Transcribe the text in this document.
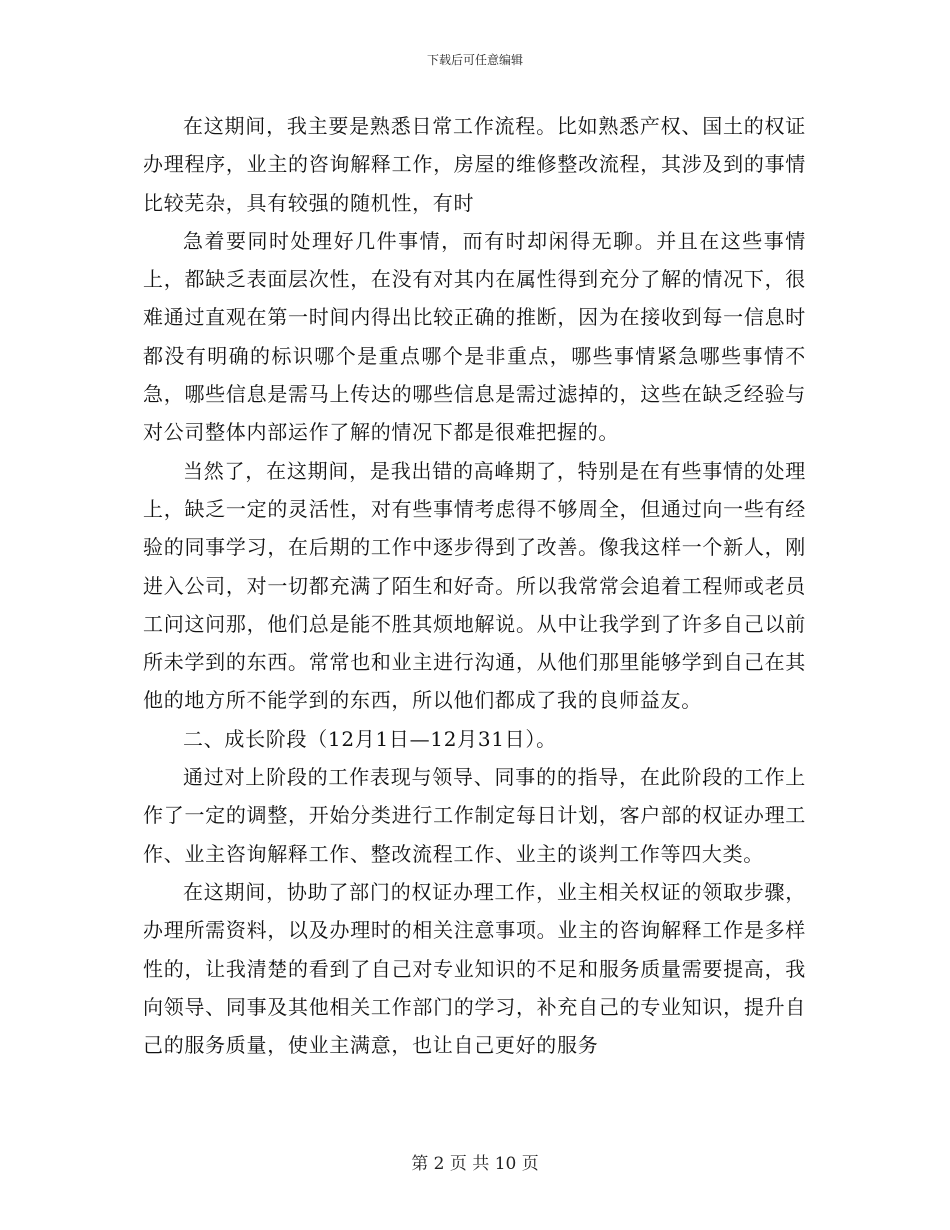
下载后可任意编辑

在这期间，我主要是熟悉日常工作流程。比如熟悉产权、国土的权证办理程序，业主的咨询解释工作，房屋的维修整改流程，其涉及到的事情比较芜杂，具有较强的随机性，有时

急着要同时处理好几件事情，而有时却闲得无聊。并且在这些事情上，都缺乏表面层次性，在没有对其内在属性得到充分了解的情况下，很难通过直观在第一时间内得出比较正确的推断，因为在接收到每一信息时都没有明确的标识哪个是重点哪个是非重点，哪些事情紧急哪些事情不急，哪些信息是需马上传达的哪些信息是需过滤掉的，这些在缺乏经验与对公司整体内部运作了解的情况下都是很难把握的。

当然了，在这期间，是我出错的高峰期了，特别是在有些事情的处理上，缺乏一定的灵活性，对有些事情考虑得不够周全，但通过向一些有经验的同事学习，在后期的工作中逐步得到了改善。像我这样一个新人，刚进入公司，对一切都充满了陌生和好奇。所以我常常会追着工程师或老员工问这问那，他们总是能不胜其烦地解说。从中让我学到了许多自己以前所未学到的东西。常常也和业主进行沟通，从他们那里能够学到自己在其他的地方所不能学到的东西，所以他们都成了我的良师益友。

二、成长阶段（12月1日—12月31日）。

通过对上阶段的工作表现与领导、同事的的指导，在此阶段的工作上作了一定的调整，开始分类进行工作制定每日计划，客户部的权证办理工作、业主咨询解释工作、整改流程工作、业主的谈判工作等四大类。

在这期间，协助了部门的权证办理工作，业主相关权证的领取步骤，办理所需资料，以及办理时的相关注意事项。业主的咨询解释工作是多样性的，让我清楚的看到了自己对专业知识的不足和服务质量需要提高，我向领导、同事及其他相关工作部门的学习，补充自己的专业知识，提升自己的服务质量，使业主满意，也让自己更好的服务

第 2 页 共 10 页
